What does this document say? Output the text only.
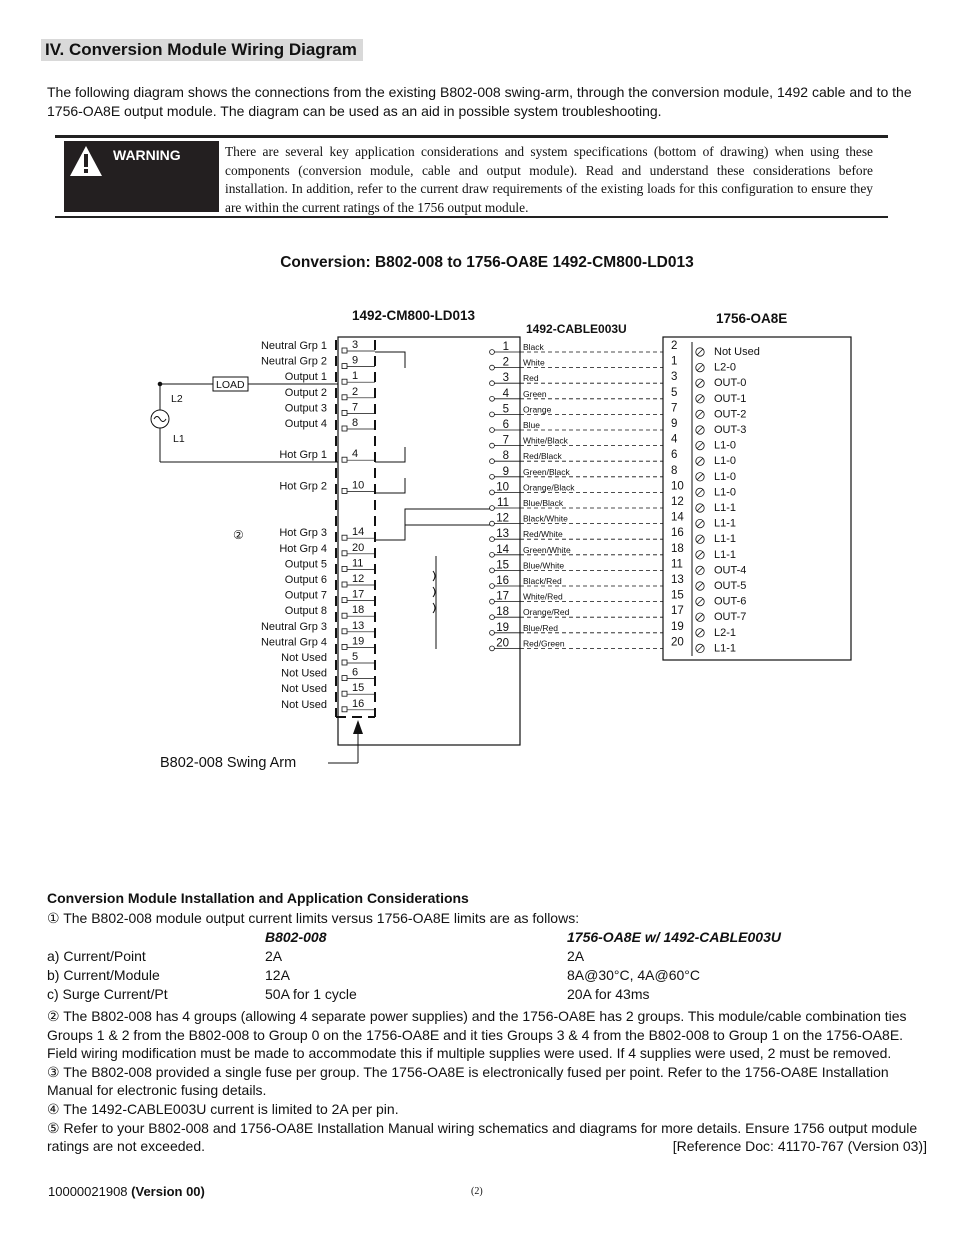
IV. Conversion Module Wiring Diagram
The following diagram shows the connections from the existing B802-008 swing-arm, through the conversion module, 1492 cable and to the 1756-OA8E output module. The diagram can be used as an aid in possible system troubleshooting.
WARNING	There are several key application considerations and system specifications (bottom of drawing) when using these components (conversion module, cable and output module). Read and understand these considerations before installation. In addition, refer to the current draw requirements of the existing loads for this configuration to ensure they are within the current ratings of the 1756 output module.
Conversion: B802-008 to 1756-OA8E 1492-CM800-LD013
1492-CM800-LD013
1492-CABLE003U
1756-OA8E
B802-008 Swing Arm
LOAD
L2
L1
②
Neutral Grp 1 3
Neutral Grp 2 9
Output 1 1
Output 2 2
Output 3 7
Output 4 8
Hot Grp 1 4
Hot Grp 2 10
Hot Grp 3 14
Hot Grp 4 20
Output 5 11
Output 6 12
Output 7 17
Output 8 18
Neutral Grp 3 13
Neutral Grp 4 19
Not Used 5
Not Used 6
Not Used 15
Not Used 16
1 Black
2 White
3 Red
4 Green
5 Orange
6 Blue
7 White/Black
8 Red/Black
9 Green/Black
10 Orange/Black
11 Blue/Black
12 Black/White
13 Red/White
14 Green/White
15 Blue/White
16 Black/Red
17 White/Red
18 Orange/Red
19 Blue/Red
20 Red/Green
2	Not Used
1	L2-0
3	OUT-0
5	OUT-1
7	OUT-2
9	OUT-3
4	L1-0
6	L1-0
8	L1-0
10	L1-0
12	L1-1
14	L1-1
16	L1-1
18	L1-1
11	OUT-4
13	OUT-5
15	OUT-6
17	OUT-7
19	L2-1
20	L1-1
Conversion Module Installation and Application Considerations
① The B802-008 module output current limits versus 1756-OA8E limits are as follows:
B802-008	1756-OA8E w/ 1492-CABLE003U
a) Current/Point	2A	2A
b) Current/Module	12A	8A@30°C, 4A@60°C
c) Surge Current/Pt	50A for 1 cycle	20A for 43ms
② The B802-008 has 4 groups (allowing 4 separate power supplies) and the 1756-OA8E has 2 groups. This module/cable combination ties Groups 1 & 2 from the B802-008 to Group 0 on the 1756-OA8E and it ties Groups 3 & 4 from the B802-008 to Group 1 on the 1756-OA8E. Field wiring modification must be made to accommodate this if multiple supplies were used. If 4 supplies were used, 2 must be removed.
③ The B802-008 provided a single fuse per group. The 1756-OA8E is electronically fused per point. Refer to the 1756-OA8E Installation Manual for electronic fusing details.
④ The 1492-CABLE003U current is limited to 2A per pin.
⑤ Refer to your B802-008 and 1756-OA8E Installation Manual wiring schematics and diagrams for more details. Ensure 1756 output module ratings are not exceeded.	[Reference Doc: 41170-767 (Version 03)]
10000021908 (Version 00)	(2)
